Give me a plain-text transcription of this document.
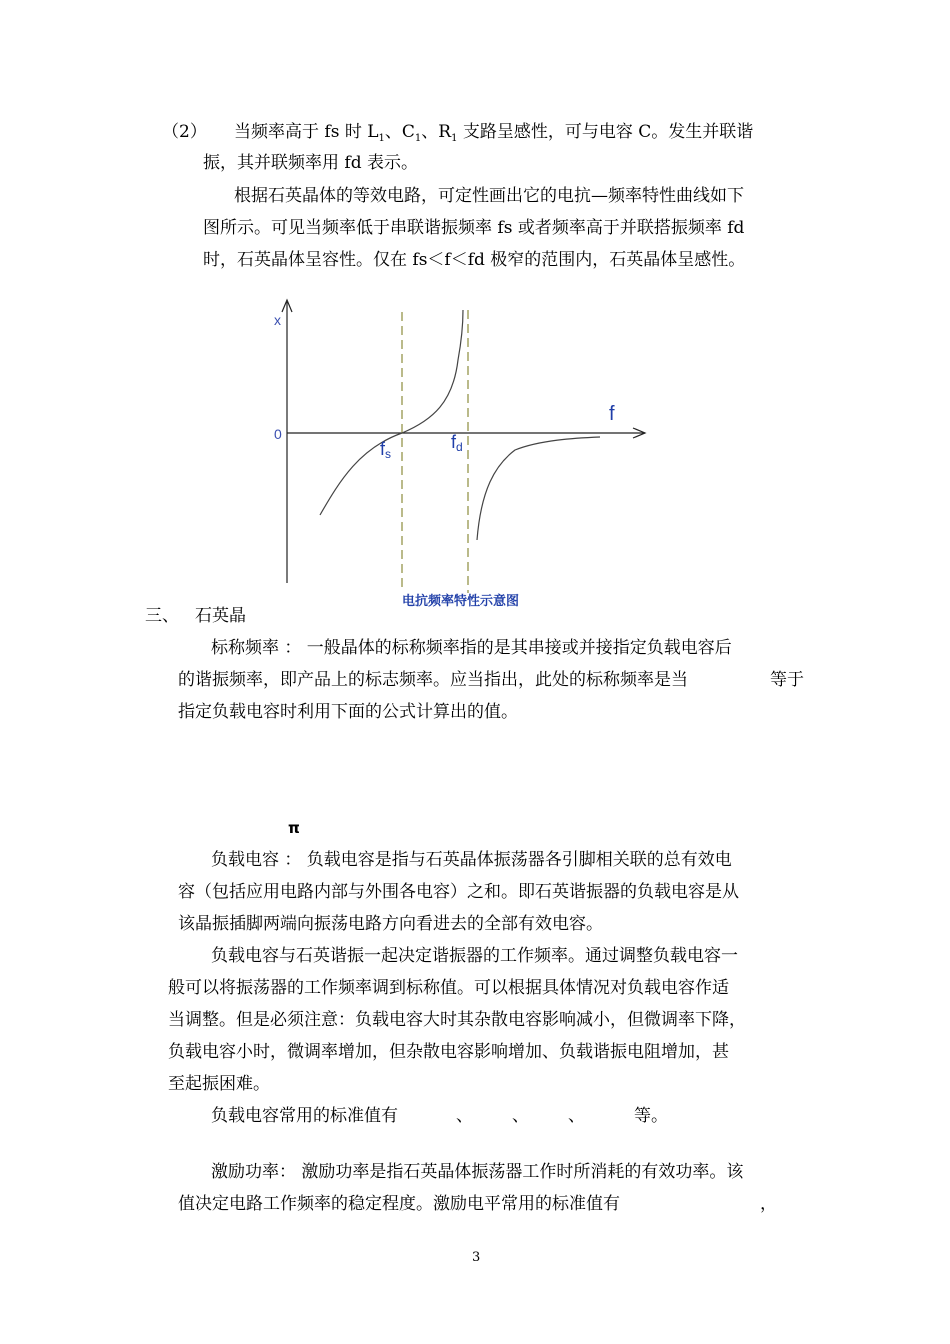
（2） 当频率高于 fs 时 $L_1$、$C_1$、$R_1$ 支路呈感性，可与电容 C。发生并联谐
振，其并联频率用 fd 表示。
根据石英晶体的等效电路，可定性画出它的电抗—频率特性曲线如下
图所示。可见当频率低于串联谐振频率 fs 或者频率高于并联搭振频率 fd
时，石英晶体呈容性。仅在 fs＜f＜fd 极窄的范围内，石英晶体呈感性。
x
0
f
fs
fd
电抗频率特性示意图
三、 石英晶
标称频率 ： 一般晶体的标称频率指的是其串接或并接指定负载电容后
的谐振频率，即产品上的标志频率。应当指出，此处的标称频率是当	等于
指定负载电容时利用下面的公式计算出的值。
π
负载电容 ： 负载电容是指与石英晶体振荡器各引脚相关联的总有效电
容（包括应用电路内部与外围各电容）之和。即石英谐振器的负载电容是从
该晶振插脚两端向振荡电路方向看进去的全部有效电容。
负载电容与石英谐振一起决定谐振器的工作频率。通过调整负载电容一
般可以将振荡器的工作频率调到标称值。可以根据具体情况对负载电容作适
当调整。但是必须注意：负载电容大时其杂散电容影响减小，但微调率下降，
负载电容小时，微调率增加，但杂散电容影响增加、负载谐振电阻增加，甚
至起振困难。
负载电容常用的标准值有	、 、 、	等。
激励功率： 激励功率是指石英晶体振荡器工作时所消耗的有效功率。该
值决定电路工作频率的稳定程度。激励电平常用的标准值有	，
3
